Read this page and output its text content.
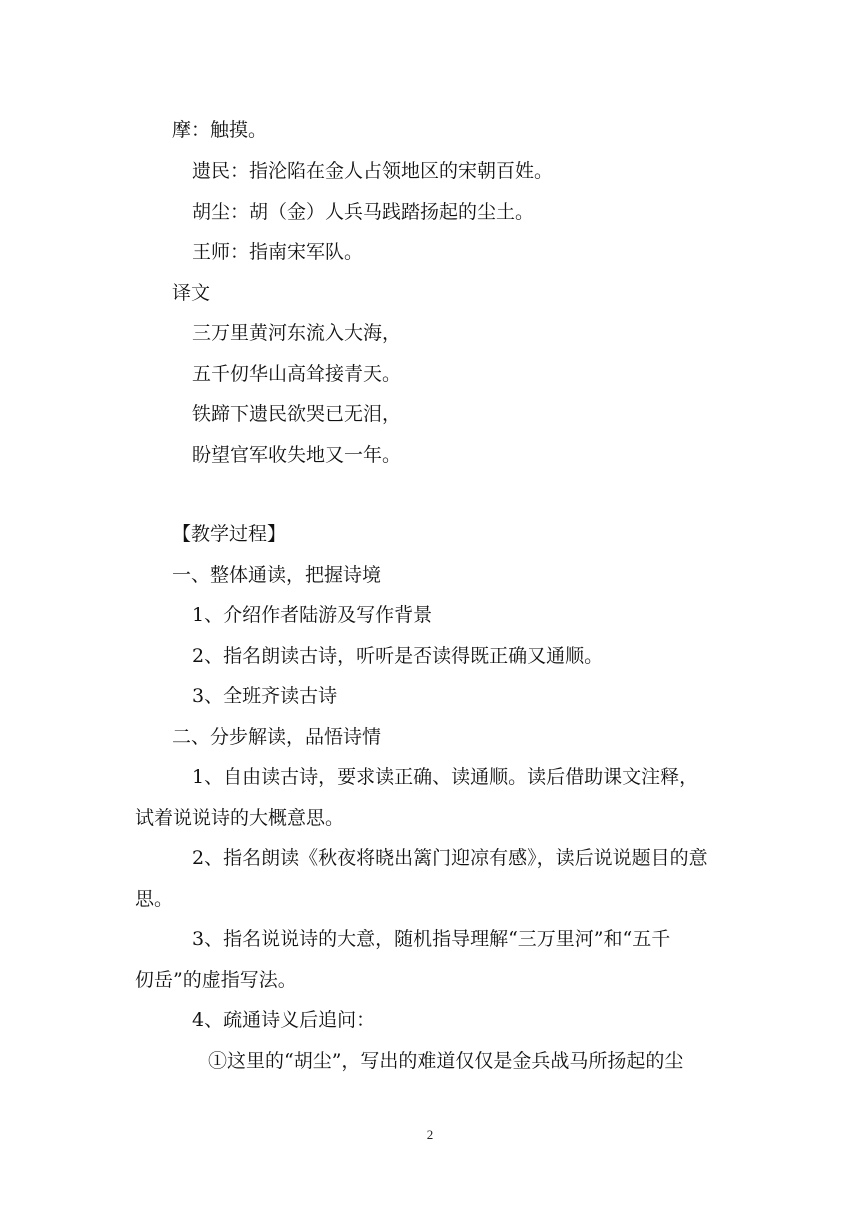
摩：触摸。
遗民：指沦陷在金人占领地区的宋朝百姓。
胡尘：胡（金）人兵马践踏扬起的尘土。
王师：指南宋军队。
译文
三万里黄河东流入大海，
五千仞华山高耸接青天。
铁蹄下遗民欲哭已无泪，
盼望官军收失地又一年。
【教学过程】
一、整体通读，把握诗境
1、介绍作者陆游及写作背景
2、指名朗读古诗，听听是否读得既正确又通顺。
3、全班齐读古诗
二、分步解读，品悟诗情
1、自由读古诗，要求读正确、读通顺。读后借助课文注释，
试着说说诗的大概意思。
2、指名朗读《秋夜将晓出篱门迎凉有感》，读后说说题目的意
思。
3、指名说说诗的大意，随机指导理解“三万里河”和“五千
仞岳”的虚指写法。
4、疏通诗义后追问：
①这里的“胡尘”，写出的难道仅仅是金兵战马所扬起的尘
2
